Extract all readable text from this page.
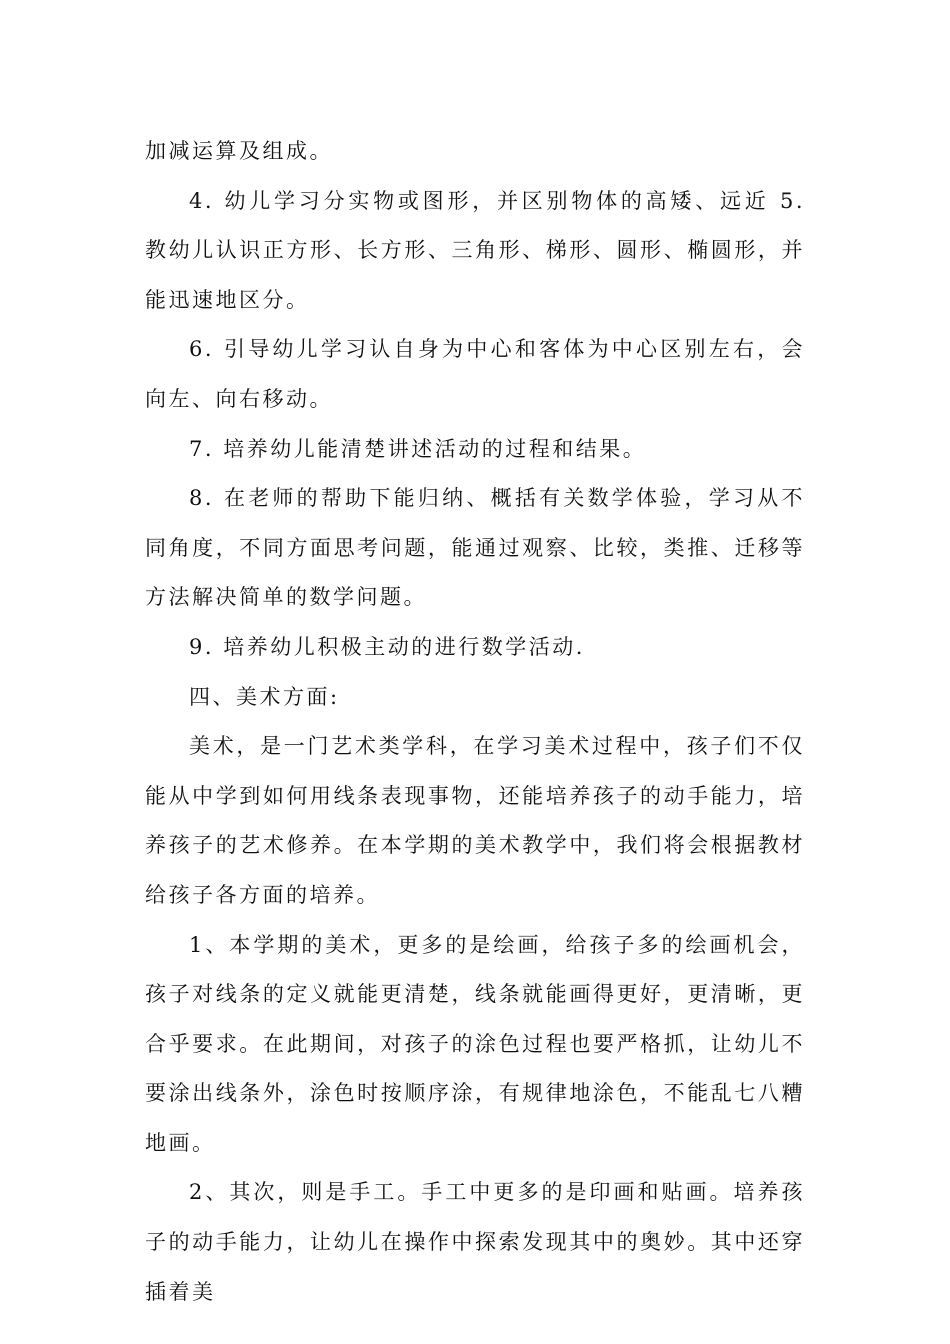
加减运算及组成。

4. 幼儿学习分实物或图形，并区别物体的高矮、远近 5. 教幼儿认识正方形、长方形、三角形、梯形、圆形、椭圆形，并能迅速地区分。

6. 引导幼儿学习认自身为中心和客体为中心区别左右，会向左、向右移动。

7. 培养幼儿能清楚讲述活动的过程和结果。

8. 在老师的帮助下能归纳、概括有关数学体验，学习从不同角度，不同方面思考问题，能通过观察、比较，类推、迁移等方法解决简单的数学问题。

9. 培养幼儿积极主动的进行数学活动.

四、美术方面:

美术，是一门艺术类学科，在学习美术过程中，孩子们不仅能从中学到如何用线条表现事物，还能培养孩子的动手能力，培养孩子的艺术修养。在本学期的美术教学中，我们将会根据教材给孩子各方面的培养。

1、本学期的美术，更多的是绘画，给孩子多的绘画机会，孩子对线条的定义就能更清楚，线条就能画得更好，更清晰，更合乎要求。在此期间，对孩子的涂色过程也要严格抓，让幼儿不要涂出线条外，涂色时按顺序涂，有规律地涂色，不能乱七八糟地画。

2、其次，则是手工。手工中更多的是印画和贴画。培养孩子的动手能力，让幼儿在操作中探索发现其中的奥妙。其中还穿插着美
